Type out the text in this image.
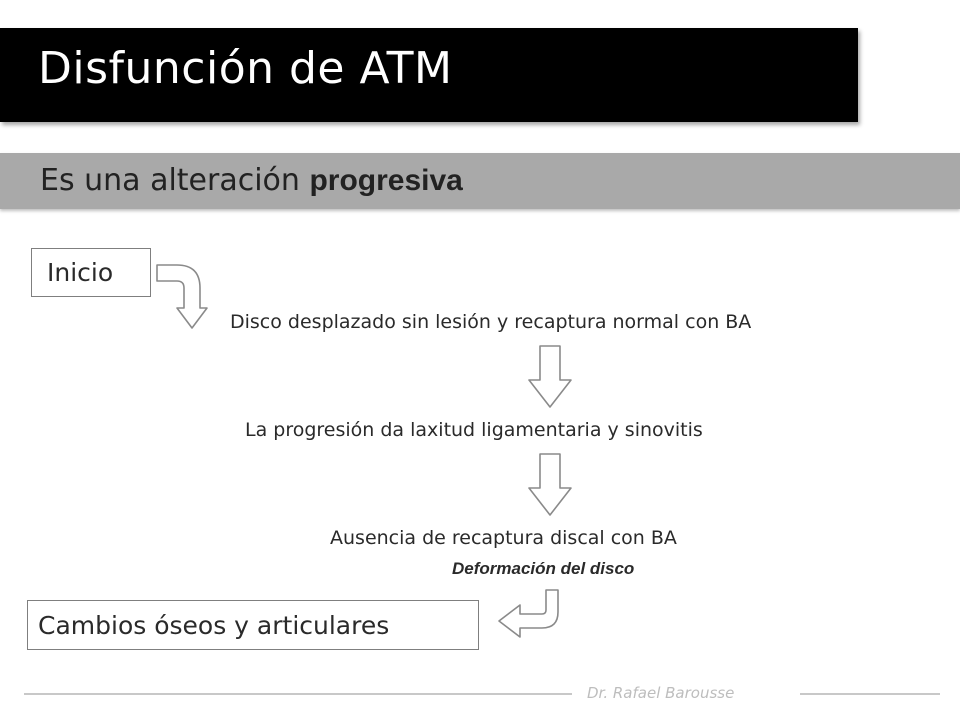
Disfunción de ATM
Es una alteración progresiva
Inicio
Disco desplazado sin lesión y recaptura normal con BA
La progresión da laxitud ligamentaria y sinovitis
Ausencia de recaptura discal con BA
Deformación del disco
Cambios óseos y articulares
Dr. Rafael Barousse
